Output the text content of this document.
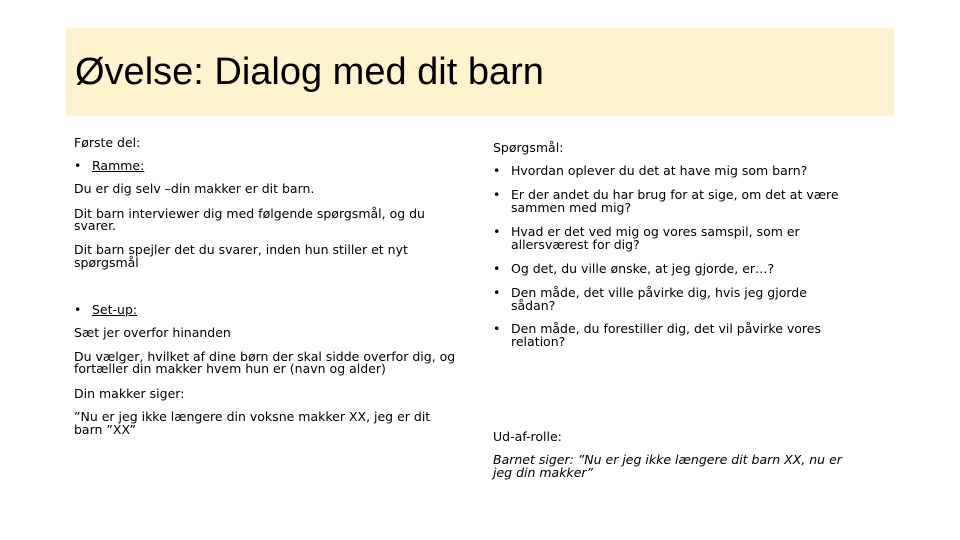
Øvelse: Dialog med dit barn

Første del:

• Ramme:

Du er dig selv –din makker er dit barn.

Dit barn interviewer dig med følgende spørgsmål, og du

svarer.

Dit barn spejler det du svarer, inden hun stiller et nyt

spørgsmål

• Set-up:

Sæt jer overfor hinanden

Du vælger, hvilket af dine børn der skal sidde overfor dig, og

fortæller din makker hvem hun er (navn og alder)

Din makker siger:

”Nu er jeg ikke længere din voksne makker XX, jeg er dit

barn ”XX”

Spørgsmål:

• Hvordan oplever du det at have mig som barn?
• Er der andet du har brug for at sige, om det at være
sammen med mig?
• Hvad er det ved mig og vores samspil, som er
allersværest for dig?
• Og det, du ville ønske, at jeg gjorde, er…?
• Den måde, det ville påvirke dig, hvis jeg gjorde
sådan?
• Den måde, du forestiller dig, det vil påvirke vores
relation?

Ud-af-rolle:

Barnet siger: ”Nu er jeg ikke længere dit barn XX, nu er

jeg din makker”
